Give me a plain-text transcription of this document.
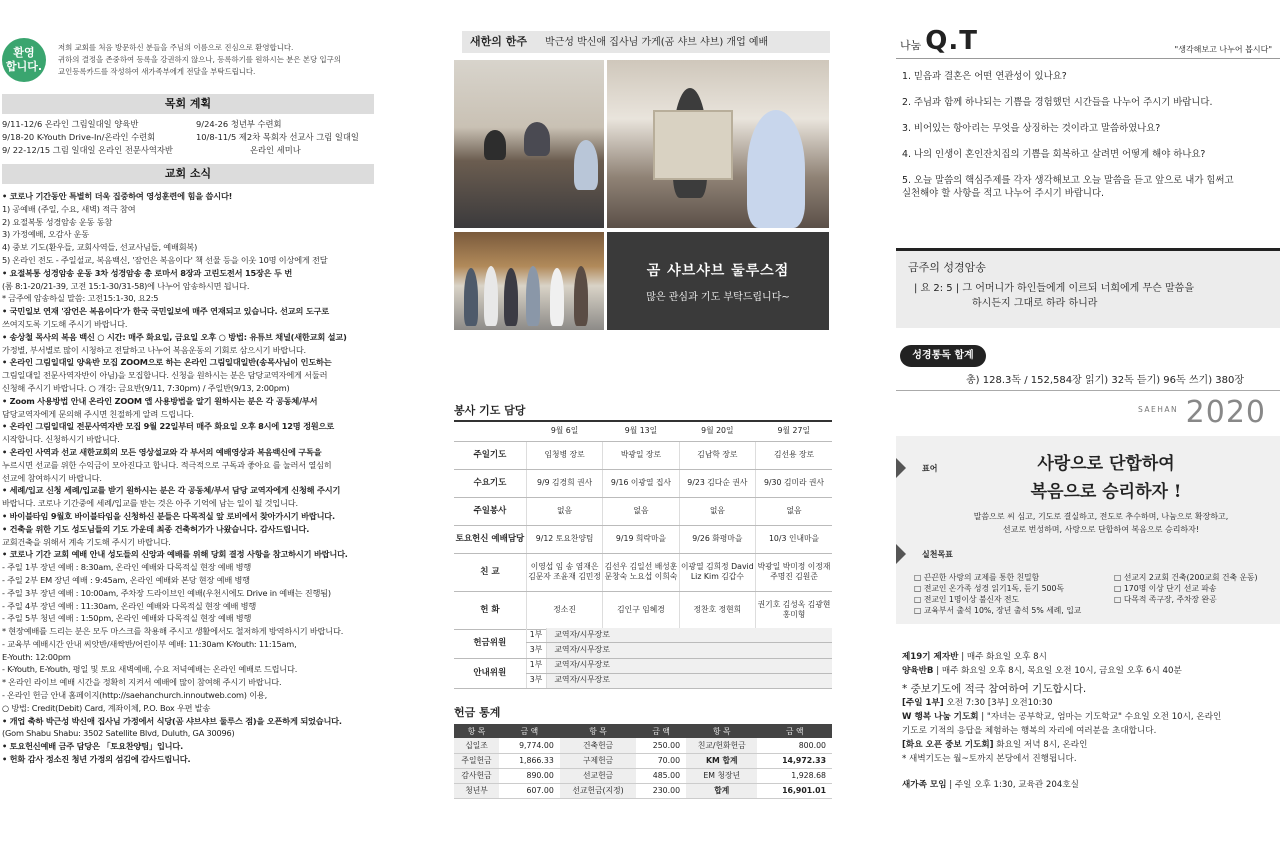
환영
합니다.
저희 교회를 처음 방문하신 분들을 주님의 이름으로 진심으로 환영합니다.
귀하의 결정을 존중하여 등록을 강권하지 않으나, 등록하기를 원하시는 분은 본당 입구의
교인등록카드를 작성하여 새가족부에게 전달을 부탁드립니다.
목회 계획

9/11-12/6 온라인 그림일대일 양육반

	9/24-26 청년부 수련회

9/18-20 K-Youth Drive-In/온라인 수련회

	10/8-11/5 제2차 목회자 선교사 그림 일대일

9/ 22-12/15 그림 일대일 온라인 전문사역자반

	온라인 세미나

교회 소식
• 코로나 기간동안 특별히 더욱 집중하여 영성훈련에 힘을 씁시다!
1) 공예배 (주일, 수요, 새벽) 적극 참여
2) 요절복통 성경암송 운동 동참
3) 가정예배, 오감사 운동
4) 중보 기도(환우들, 교회사역들, 선교사님들, 예배회복)
5) 온라인 전도 - 주일설교, 복음백신, '잠언은 복음이다' 책 선물 등을 이웃 10명 이상에게 전달
• 요절복통 성경암송 운동 3차 성경암송 총 로마서 8장과 고린도전서 15장은 두 번
(롬 8:1-20/21-39, 고전 15:1-30/31-58)에 나누어 암송하시면 됩니다.
* 금주에 암송하실 말씀: 고전15:1-30, 요2:5
• 국민일보 연재 '잠언은 복음이다'가 한국 국민일보에 매주 연재되고 있습니다. 선교의 도구로
쓰여지도록 기도해 주시기 바랍니다.
• 송상철 목사의 복음 백신 ○ 시간: 매주 화요일, 금요일 오후 ○ 방법: 유튜브 채널(새한교회 설교)
가정별, 부서별로 많이 시청하고 전달하고 나누어 복음운동의 기회로 삼으시기 바랍니다.
• 온라인 그림일대일 양육반 모집 ZOOM으로 하는 온라인 그림일대일반(송목사님이 인도하는
그림일대일 전문사역자반이 아님)을 모집합니다. 신청을 원하시는 분은 담당교역자에게 서둘러
신청해 주시기 바랍니다. ○ 개강: 금요반(9/11, 7:30pm) / 주일반(9/13, 2:00pm)
• Zoom 사용방법 안내 온라인 ZOOM 앱 사용방법을 알기 원하시는 분은 각 공동체/부서
담당교역자에게 문의해 주시면 친절하게 알려 드립니다.
• 온라인 그림일대일 전문사역자반 모집 9월 22일부터 매주 화요일 오후 8시에 12명 정원으로
시작합니다. 신청하시기 바랍니다.
• 온라인 사역과 선교 새한교회의 모든 영상설교와 각 부서의 예배영상과 복음백신에 구독을
누르시면 선교를 위한 수익금이 모아진다고 합니다. 적극적으로 구독과 좋아요 를 눌러서 열심히
선교에 참여하시기 바랍니다.
• 세례/입교 신청 세례/입교를 받기 원하시는 분은 각 공동체/부서 담당 교역자에게 신청해 주시기
바랍니다. 코로나 기간중에 세례/입교를 받는 것은 아주 기억에 남는 일이 될 것입니다.
• 바이블타임 9월호 바이블타임을 신청하신 분들은 다목적실 앞 로비에서 찾아가시기 바랍니다.
• 건축을 위한 기도 성도님들의 기도 가운데 최종 건축허가가 나왔습니다. 감사드립니다.
교회건축을 위해서 계속 기도해 주시기 바랍니다.
• 코로나 기간 교회 예배 안내 성도들의 신앙과 예배를 위해 당회 결정 사항을 참고하시기 바랍니다.
- 주일 1부 장년 예배 : 8:30am, 온라인 예배와 다목적실 현장 예배 병행
- 주일 2부 EM 장년 예배 : 9:45am, 온라인 예배와 본당 현장 예배 병행
- 주일 3부 장년 예배 : 10:00am, 주차장 드라이브인 예배(우천시에도 Drive in 예배는 진행됨)
- 주일 4부 장년 예배 : 11:30am, 온라인 예배와 다목적실 현장 예배 병행
- 주일 5부 청년 예배 : 1:50pm, 온라인 예배와 다목적실 현장 예배 병행
* 현장예배를 드리는 분은 모두 마스크를 착용해 주시고 생활에서도 철저하게 방역하시기 바랍니다.
- 교육부 예배시간 안내 씨앗반/새싹반/어린이부 예배: 11:30am K-Youth: 11:15am,
E-Youth: 12:00pm
- K-Youth, E-Youth, 평일 및 토요 새벽예배, 수요 저녁예배는 온라인 예배로 드립니다.
* 온라인 라이브 예배 시간을 정확히 지켜서 예배에 많이 참여해 주시기 바랍니다.
- 온라인 헌금 안내 홈페이지(http://saehanchurch.innoutweb.com) 이용,
○ 방법: Credit(Debit) Card, 계좌이체, P.O. Box 우편 발송
• 개업 축하 박근성 박신애 집사님 가정에서 식당(곰 샤브샤브 둘루스 점)을 오픈하게 되었습니다.
(Gom Shabu Shabu: 3502 Satellite Blvd, Duluth, GA 30096)
• 토요헌신예배 금주 담당은 「토요찬양팀」입니다.
• 헌화 감사 정소진 청년 가정의 섬김에 감사드립니다.
새한의 한주 박근성 박신애 집사님 가게(곰 샤브 샤브) 개업 예배
곰 샤브샤브 둘루스점
많은 관심과 기도 부탁드립니다~
봉사 기도 담당
	9월 6일	9월 13일	9월 20일	9월 27일
주일기도	임청병 장로	박광일 장로	김남학 장로	김선용 장로
수요기도	9/9 김경희 권사	9/16 이광열 집사	9/23 김다순 권사	9/30 김미라 권사
주일봉사	없음	없음	없음	없음
토요헌신 예배담당	9/12 토요찬양팀	9/19 희락마을	9/26 화평마을	10/3 인내마을
친 교	이영섭 임 송 염재은 김문자 조윤재 김민정	김선우 김일선 배성훈 문창숙 노요섭 이희숙	이광열 김희정 David Liz Kim 김갑수	박광일 박미정 이정재 주명진 김원준
헌 화	정소진	김인구 임혜경	정찬호 정현희	권기호 김성옥 김광현 홍미형
헌금위원	1부	교역자/시무장로
	3부	교역자/시무장로
안내위원	1부	교역자/시무장로
	3부	교역자/시무장로
헌금 통계
항 목	금 액	항 목	금 액	항 목	금 액
십일조	9,774.00	건축헌금	250.00	친교/헌화헌금	800.00
주일헌금	1,866.33	구제헌금	70.00	KM 합계	14,972.33
감사헌금	890.00	선교헌금	485.00	EM 청장년	1,928.68
청년부	607.00	선교헌금(지정)	230.00	합계	16,901.01
나눔 Q.T	"생각해보고 나누어 봅시다"
1. 믿음과 결혼은 어떤 연관성이 있나요?
2. 주님과 함께 하나되는 기쁨을 경험했던 시간들을 나누어 주시기 바랍니다.
3. 비어있는 항아리는 무엇을 상징하는 것이라고 말씀하였나요?
4. 나의 인생이 혼인잔치집의 기쁨을 회복하고 살려면 어떻게 해야 하나요?
5. 오늘 말씀의 핵심주제를 각자 생각해보고 오늘 말씀을 듣고 앞으로 내가 힘써고
실천해야 할 사항을 적고 나누어 주시기 바랍니다.
금주의 성경암송
| 요 2: 5 | 그 어머니가 하인들에게 이르되 너희에게 무슨 말씀을
하시든지 그대로 하라 하니라
성경통독 합계
총) 128.3독 / 152,584장 읽기) 32독 듣기) 96독 쓰기) 380장
SAEHAN 2020
표어	사랑으로 단합하여
복음으로 승리하자 !
말씀으로 씨 심고, 기도로 결실하고, 전도로 추수하며, 나눔으로 확장하고,
선교로 번성하며, 사랑으로 단합하여 복음으로 승리하자!
실천목표
□ 끈끈한 사랑의 교제를 통한 친밀함
□ 전교인 온가족 성경 읽기1독, 듣기 500독
□ 전교인 1명이상 불신자 전도
□ 교육부서 출석 10%, 장년 출석 5% 세례, 입교
□ 선교지 2교회 건축(200교회 건축 운동)
□ 170명 이상 단기 선교 파송
□ 다목적 족구장, 주차장 완공
제19기 제자반 | 매주 화요일 오후 8시
양육반B | 매주 화요일 오후 8시, 목요일 오전 10시, 금요일 오후 6시 40분
* 중보기도에 적극 참여하여 기도합시다.
[주일 1부] 오전 7:30 [3부] 오전10:30
W 행복 나눔 기도회 | "자녀는 공부학교, 엄마는 기도학교" 수요일 오전 10시, 온라인
기도로 기적의 응답을 체험하는 행복의 자리에 여러분을 초대합니다.
[화요 오픈 중보 기도회] 화요일 저녁 8시, 온라인
* 새벽기도는 월~토까지 본당에서 진행됩니다.
새가족 모임 | 주일 오후 1:30, 교육관 204호실
